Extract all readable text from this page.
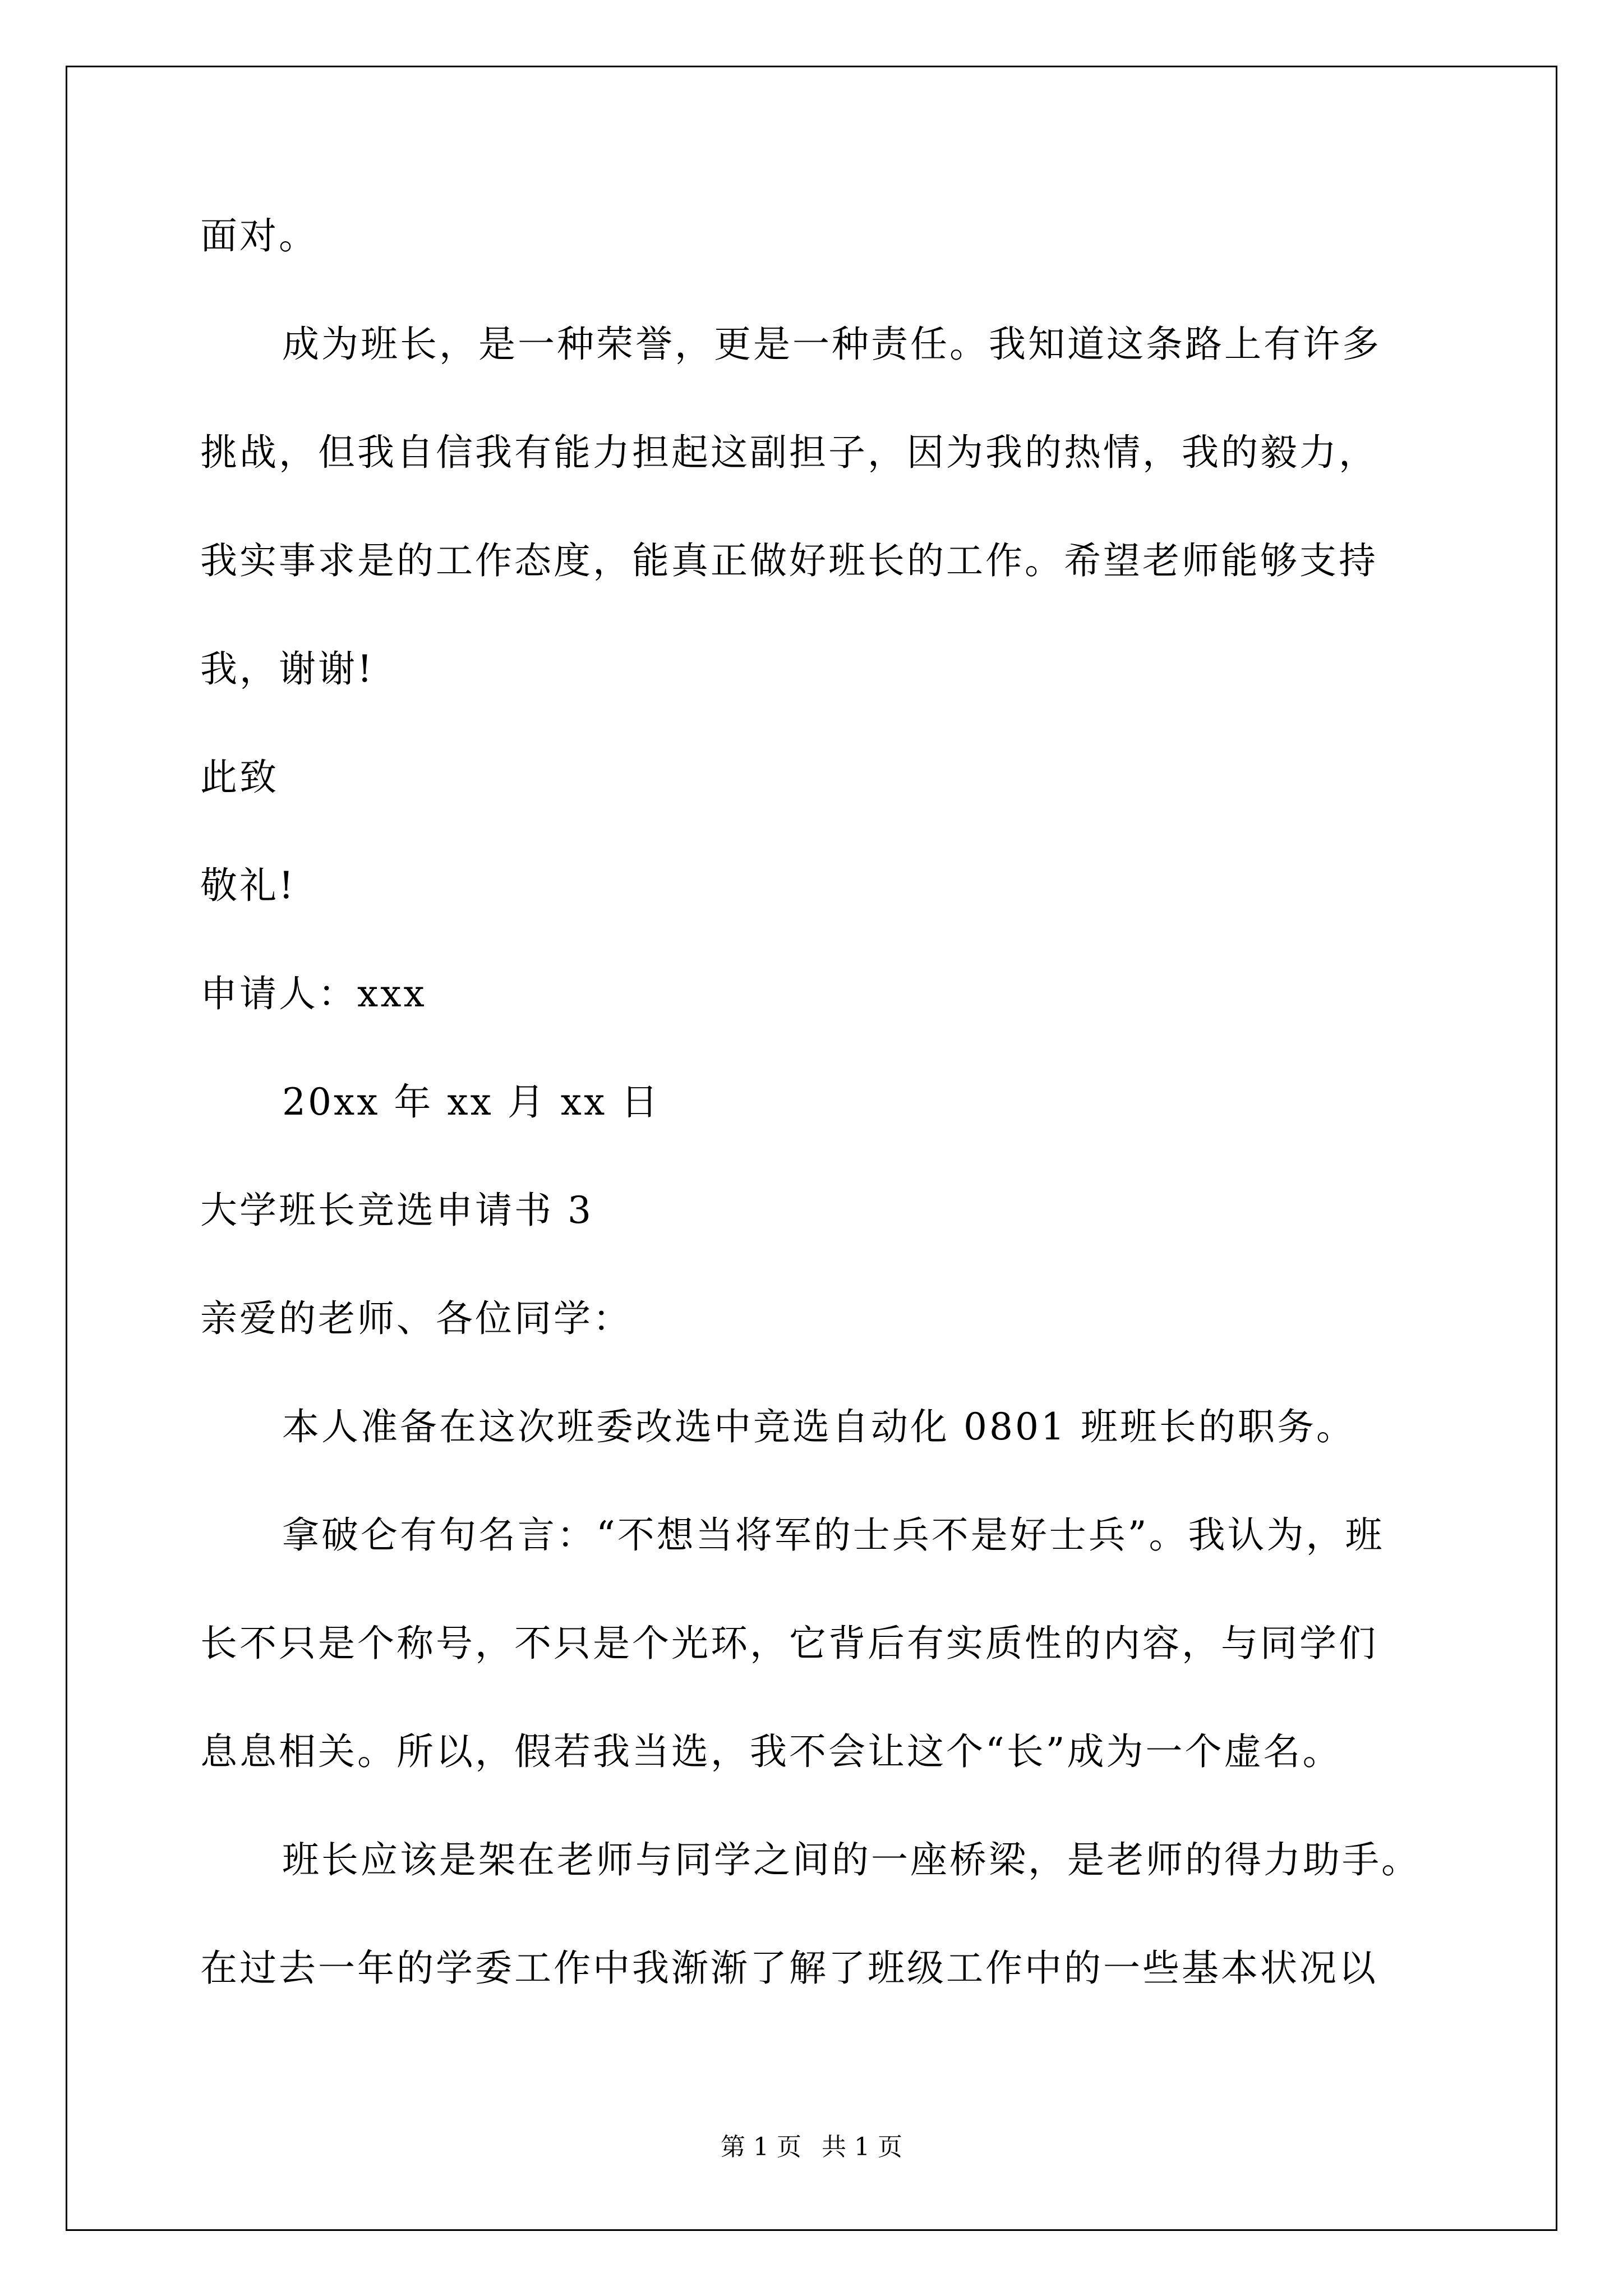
面对。

成为班长，是一种荣誉，更是一种责任。我知道这条路上有许多

挑战，但我自信我有能力担起这副担子，因为我的热情，我的毅力，

我实事求是的工作态度，能真正做好班长的工作。希望老师能够支持

我，谢谢!

此致

敬礼!

申请人：xxx

20xx 年 xx 月 xx 日

大学班长竞选申请书 3

亲爱的老师、各位同学：

本人准备在这次班委改选中竞选自动化 0801 班班长的职务。

拿破仑有句名言：“不想当将军的士兵不是好士兵”。我认为，班

长不只是个称号，不只是个光环，它背后有实质性的内容，与同学们

息息相关。所以，假若我当选，我不会让这个“长”成为一个虚名。

班长应该是架在老师与同学之间的一座桥梁，是老师的得力助手。

在过去一年的学委工作中我渐渐了解了班级工作中的一些基本状况以

第 1 页 共 1 页
